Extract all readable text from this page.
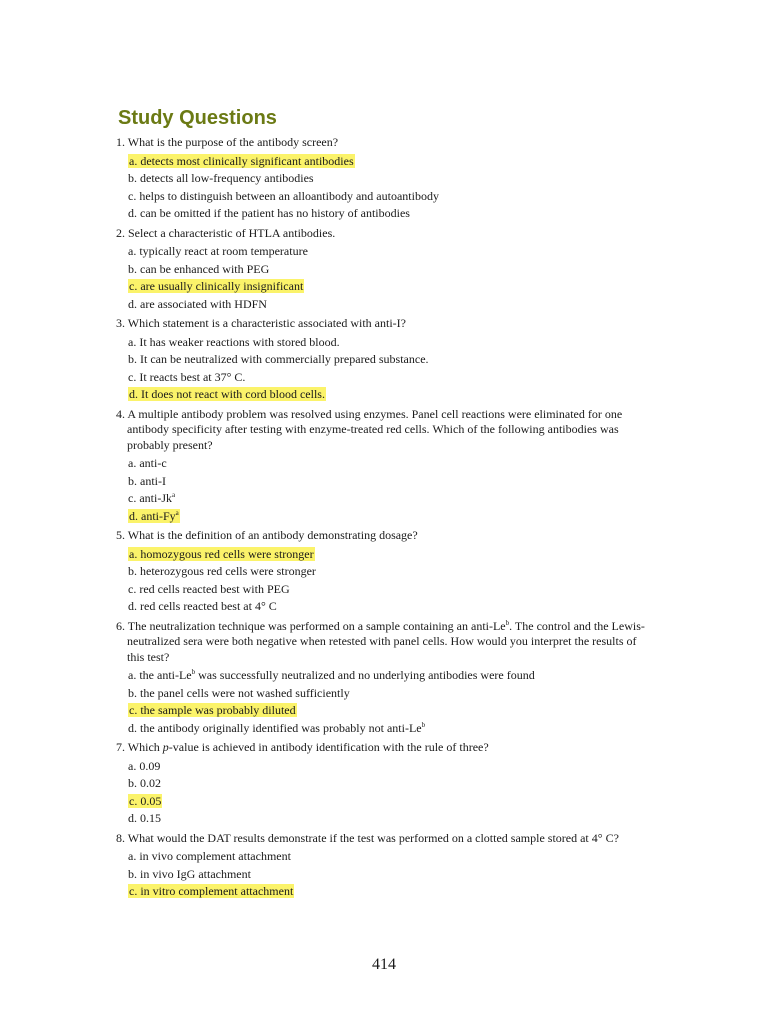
Study Questions
1. What is the purpose of the antibody screen?
a. detects most clinically significant antibodies
b. detects all low-frequency antibodies
c. helps to distinguish between an alloantibody and autoantibody
d. can be omitted if the patient has no history of antibodies
2. Select a characteristic of HTLA antibodies.
a. typically react at room temperature
b. can be enhanced with PEG
c. are usually clinically insignificant
d. are associated with HDFN
3. Which statement is a characteristic associated with anti-I?
a. It has weaker reactions with stored blood.
b. It can be neutralized with commercially prepared substance.
c. It reacts best at 37° C.
d. It does not react with cord blood cells.
4. A multiple antibody problem was resolved using enzymes. Panel cell reactions were eliminated for one antibody specificity after testing with enzyme-treated red cells. Which of the following antibodies was probably present?
a. anti-c
b. anti-I
c. anti-Jk$^a$
d. anti-Fy$^a$
5. What is the definition of an antibody demonstrating dosage?
a. homozygous red cells were stronger
b. heterozygous red cells were stronger
c. red cells reacted best with PEG
d. red cells reacted best at 4° C
6. The neutralization technique was performed on a sample containing an anti-Le$^b$. The control and the Lewis-neutralized sera were both negative when retested with panel cells. How would you interpret the results of this test?
a. the anti-Le$^b$ was successfully neutralized and no underlying antibodies were found
b. the panel cells were not washed sufficiently
c. the sample was probably diluted
d. the antibody originally identified was probably not anti-Le$^b$
7. Which p-value is achieved in antibody identification with the rule of three?
a. 0.09
b. 0.02
c. 0.05
d. 0.15
8. What would the DAT results demonstrate if the test was performed on a clotted sample stored at 4° C?
a. in vivo complement attachment
b. in vivo IgG attachment
c. in vitro complement attachment
414
